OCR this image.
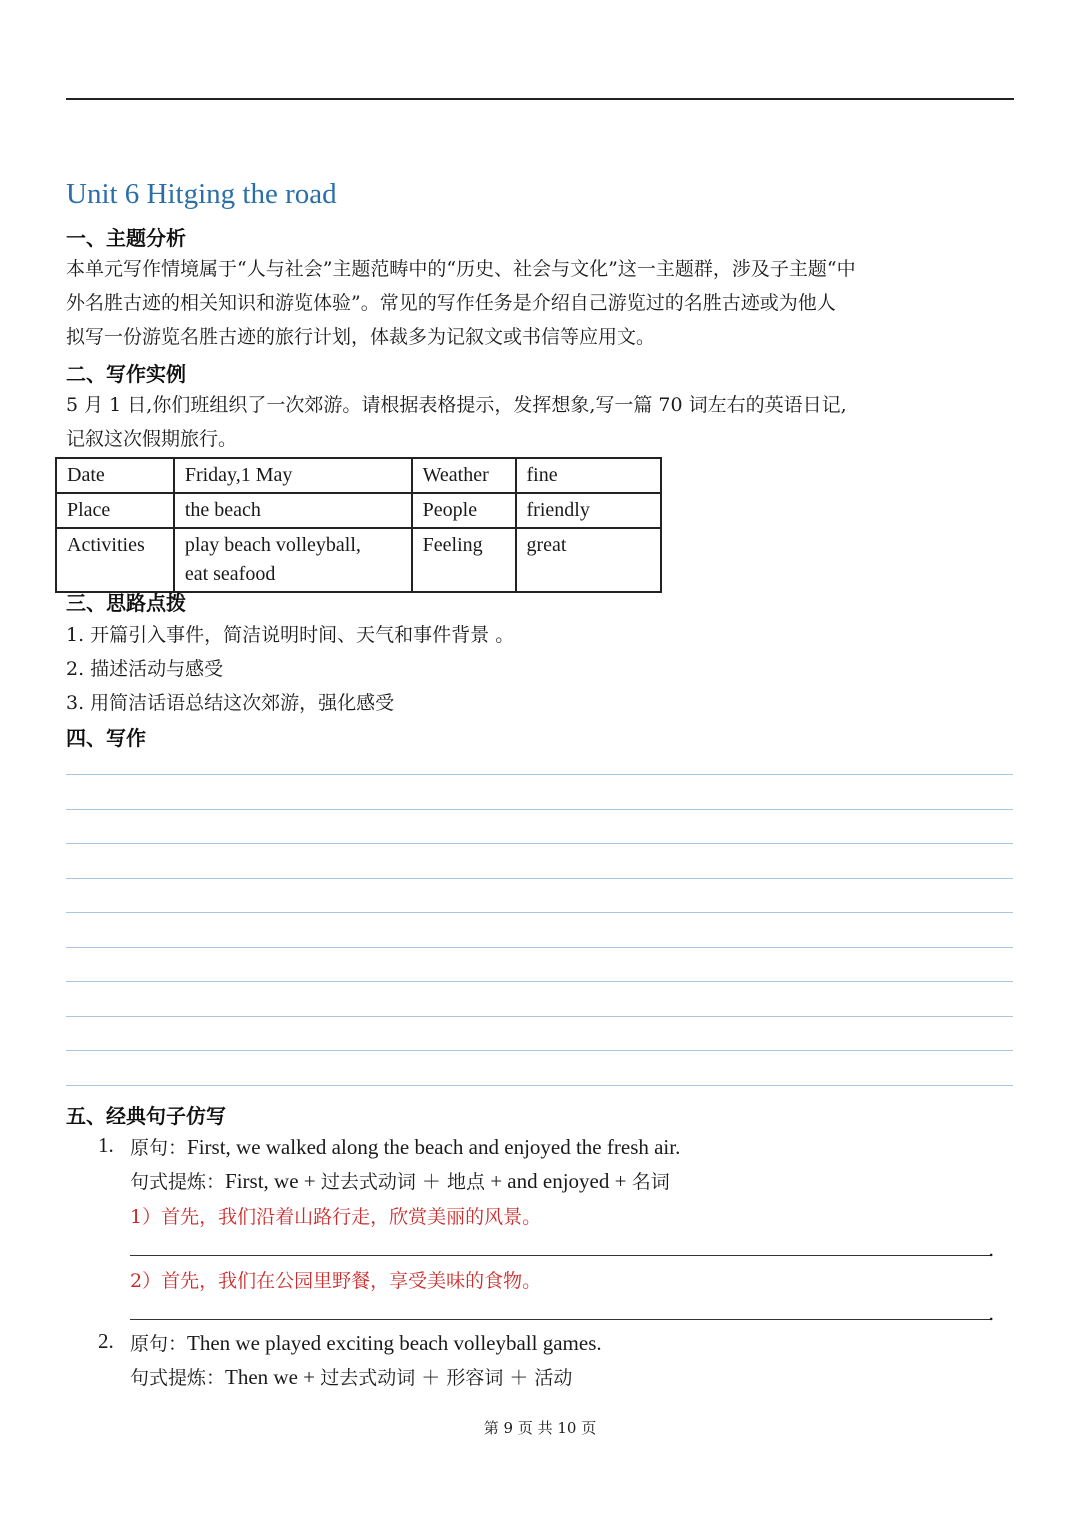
Unit 6 Hitging the road
一、主题分析
本单元写作情境属于“人与社会”主题范畴中的“历史、社会与文化”这一主题群，涉及子主题“中
外名胜古迹的相关知识和游览体验”。常见的写作任务是介绍自己游览过的名胜古迹或为他人
拟写一份游览名胜古迹的旅行计划，体裁多为记叙文或书信等应用文。
二、写作实例
5 月 1 日,你们班组织了一次郊游。请根据表格提示，发挥想象,写一篇 70 词左右的英语日记,
记叙这次假期旅行。
Date	Friday,1 May	Weather	fine
Place	the beach	People	friendly
Activities	play beach volleyball,
eat seafood	Feeling	great
三、思路点拨
1. 开篇引入事件，简洁说明时间、天气和事件背景 。
2. 描述活动与感受
3. 用简洁话语总结这次郊游，强化感受
四、写作
五、经典句子仿写
1. 原句：First, we walked along the beach and enjoyed the fresh air.
句式提炼：First, we + 过去式动词 ＋ 地点 + and enjoyed + 名词
1）首先，我们沿着山路行走，欣赏美丽的风景。
.
2）首先，我们在公园里野餐，享受美味的食物。
.
2. 原句：Then we played exciting beach volleyball games.
句式提炼：Then we + 过去式动词 ＋ 形容词 ＋ 活动
第 9 页 共 10 页
